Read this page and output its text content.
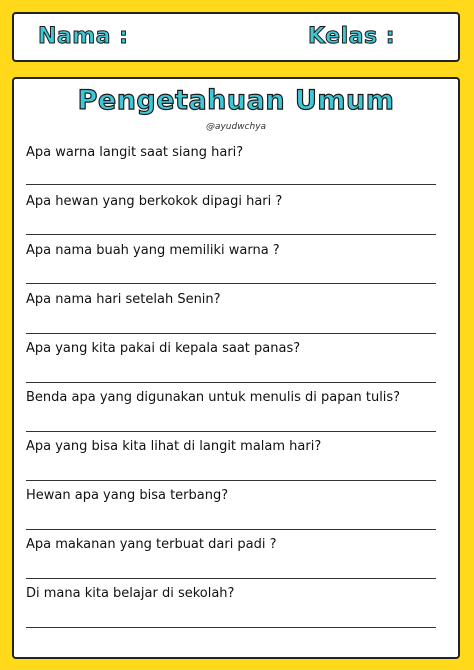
Nama :	Kelas :
Pengetahuan Umum
@ayudwchya
Apa warna langit saat siang hari?
Apa hewan yang berkokok dipagi hari ?
Apa nama buah yang memiliki warna ?
Apa nama hari setelah Senin?
Apa yang kita pakai di kepala saat panas?
Benda apa yang digunakan untuk menulis di papan tulis?
Apa yang bisa kita lihat di langit malam hari?
Hewan apa yang bisa terbang?
Apa makanan yang terbuat dari padi ?
Di mana kita belajar di sekolah?
